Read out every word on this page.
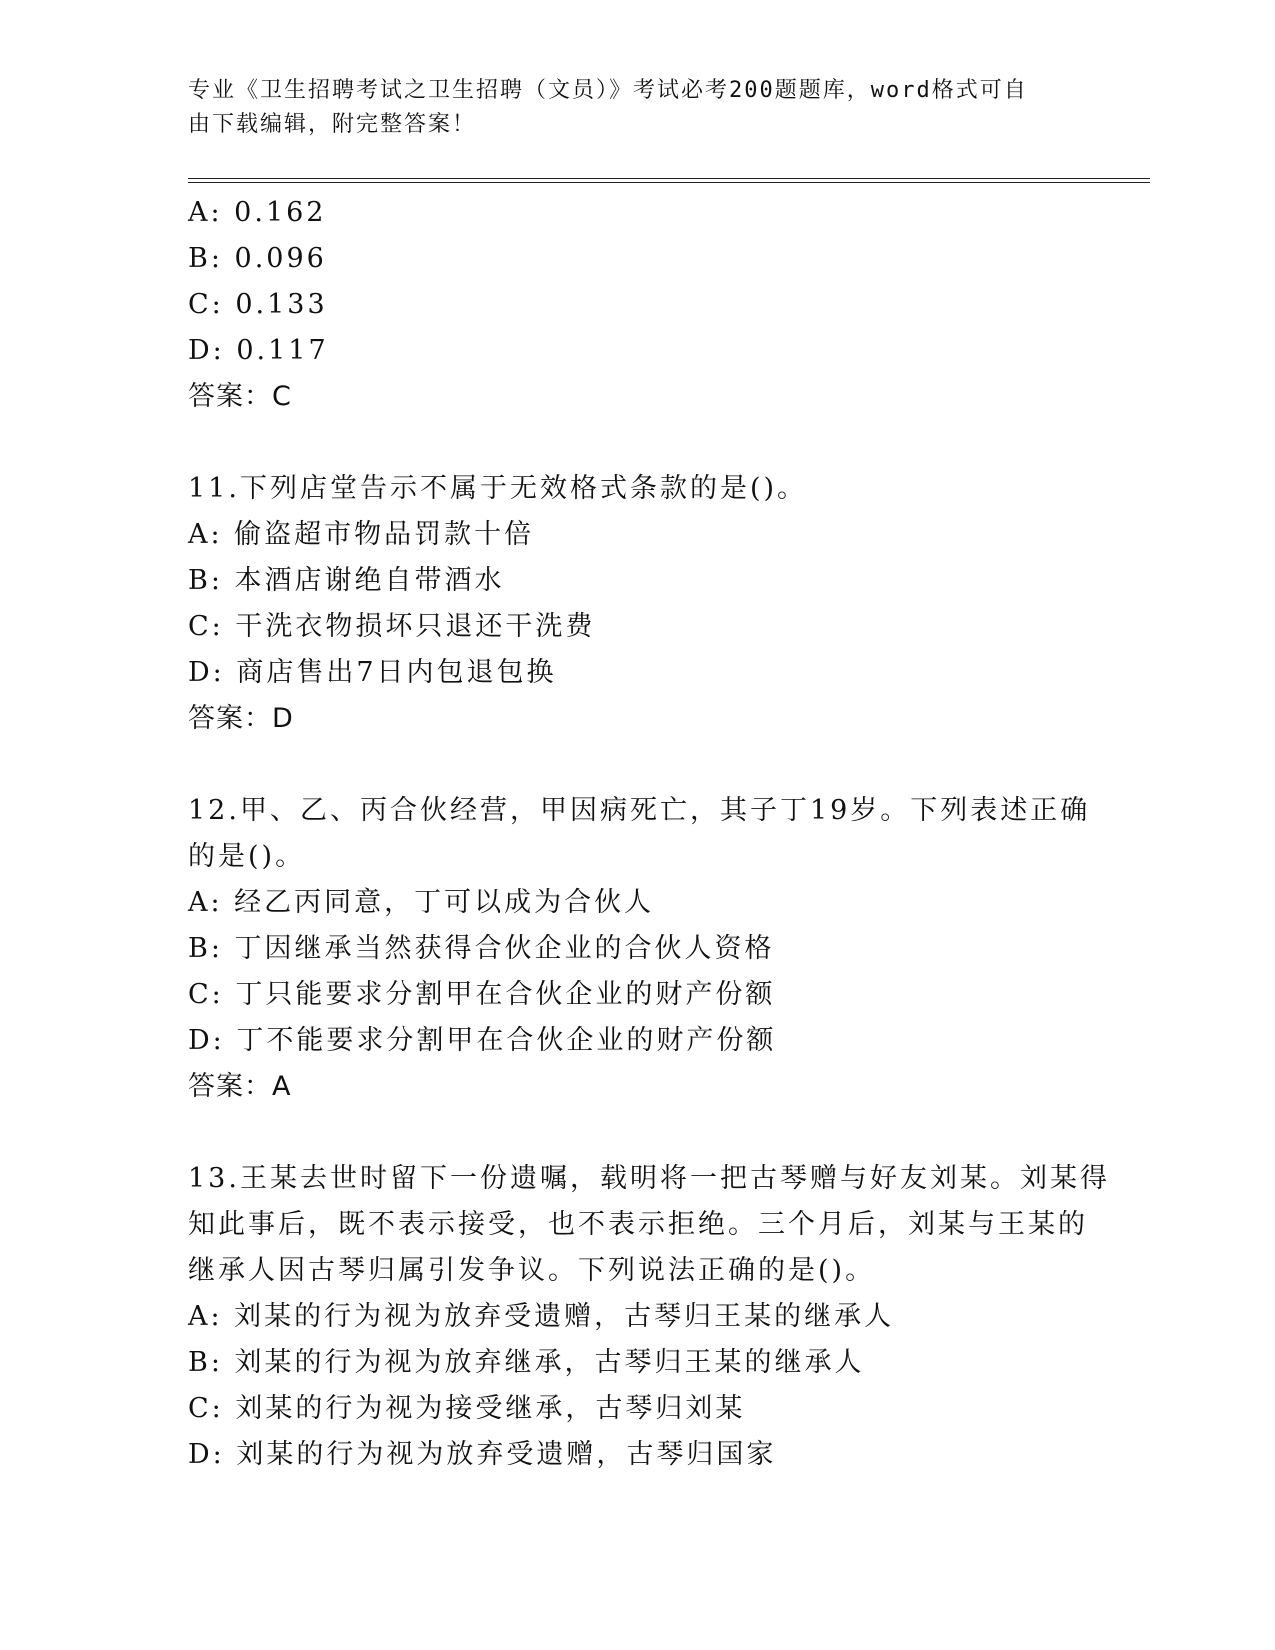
专业《卫生招聘考试之卫生招聘（文员）》考试必考200题题库，word格式可自
由下载编辑，附完整答案！
A: 0.162
B: 0.096
C: 0.133
D: 0.117
答案：C
11.下列店堂告示不属于无效格式条款的是()。
A: 偷盗超市物品罚款十倍
B: 本酒店谢绝自带酒水
C: 干洗衣物损坏只退还干洗费
D: 商店售出7日内包退包换
答案：D
12.甲、乙、丙合伙经营，甲因病死亡，其子丁19岁。下列表述正确
的是()。
A: 经乙丙同意，丁可以成为合伙人
B: 丁因继承当然获得合伙企业的合伙人资格
C: 丁只能要求分割甲在合伙企业的财产份额
D: 丁不能要求分割甲在合伙企业的财产份额
答案：A
13.王某去世时留下一份遗嘱，载明将一把古琴赠与好友刘某。刘某得
知此事后，既不表示接受，也不表示拒绝。三个月后，刘某与王某的
继承人因古琴归属引发争议。下列说法正确的是()。
A: 刘某的行为视为放弃受遗赠，古琴归王某的继承人
B: 刘某的行为视为放弃继承，古琴归王某的继承人
C: 刘某的行为视为接受继承，古琴归刘某
D: 刘某的行为视为放弃受遗赠，古琴归国家
